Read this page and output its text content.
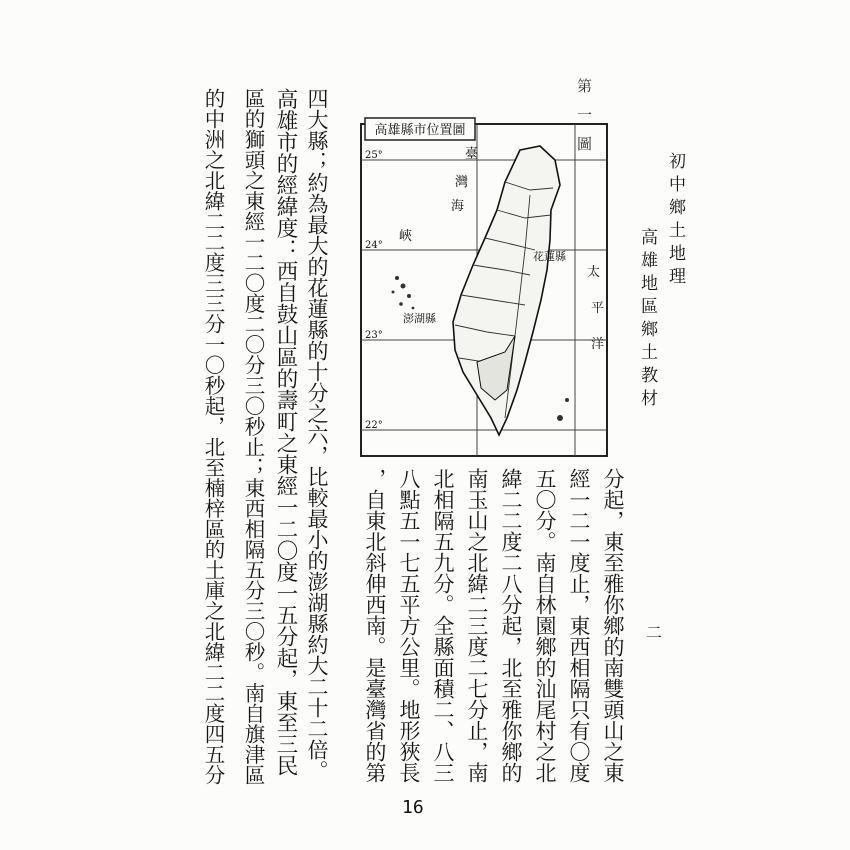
初中鄉土地理
高雄地區鄉土教材
第一圖
高雄縣市位置圖
臺
灣
海
峽
太
平
洋
澎湖縣
花蓮縣
25°
24°
23°
22°
分起，東至雅你鄉的南雙頭山之東
經一二一度止，東西相隔只有〇度
五〇分。南自林園鄉的汕尾村之北
緯二二度二八分起，北至雅你鄉的
南玉山之北緯二三度二七分止，南
北相隔五九分。全縣面積二、八三
八點五一七五平方公里。地形狹長
，自東北斜伸西南。是臺灣省的第
四大縣；約為最大的花蓮縣的十分之六，比較最小的澎湖縣約大二十二倍。
高雄市的經緯度：西自鼓山區的壽町之東經一二〇度一五分起，東至三民
區的獅頭之東經一二〇度二〇分三〇秒止；東西相隔五分三〇秒。南自旗津區
的中洲之北緯二二度三三分一〇秒起，北至楠梓區的土庫之北緯二二度四五分	二
16
